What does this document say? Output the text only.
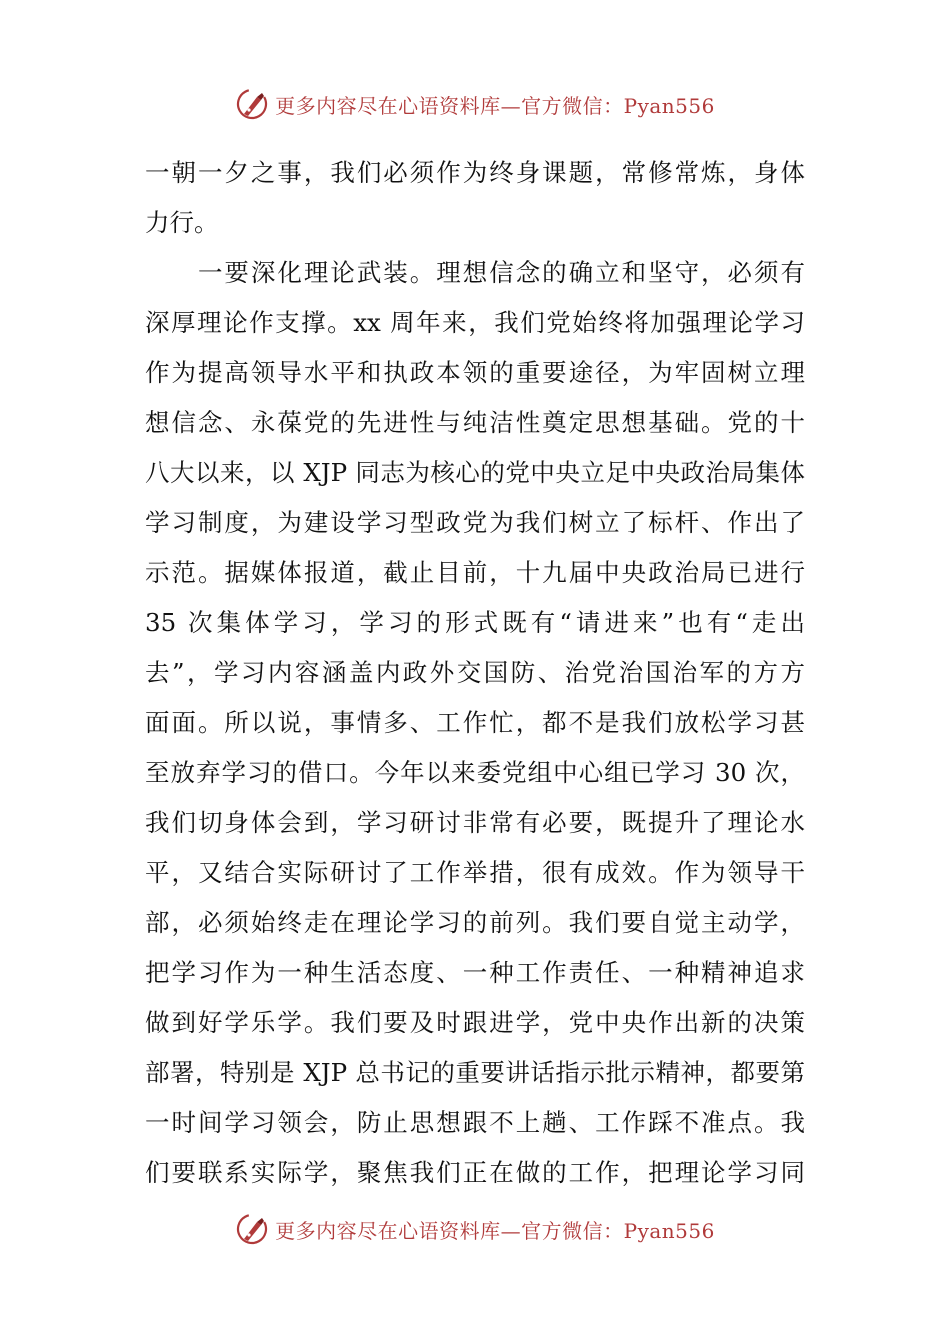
更多内容尽在心语资料库—官方微信：Pyan556
一朝一夕之事，我们必须作为终身课题，常修常炼，身体
力行。
　　一要深化理论武装。理想信念的确立和坚守，必须有
深厚理论作支撑。xx 周年来，我们党始终将加强理论学习
作为提高领导水平和执政本领的重要途径，为牢固树立理
想信念、永葆党的先进性与纯洁性奠定思想基础。党的十
八大以来，以 XJP 同志为核心的党中央立足中央政治局集体
学习制度，为建设学习型政党为我们树立了标杆、作出了
示范。据媒体报道，截止目前，十九届中央政治局已进行
35 次集体学习，学习的形式既有“请进来”也有“走出
去”，学习内容涵盖内政外交国防、治党治国治军的方方
面面。所以说，事情多、工作忙，都不是我们放松学习甚
至放弃学习的借口。今年以来委党组中心组已学习 30 次，
我们切身体会到，学习研讨非常有必要，既提升了理论水
平，又结合实际研讨了工作举措，很有成效。作为领导干
部，必须始终走在理论学习的前列。我们要自觉主动学，
把学习作为一种生活态度、一种工作责任、一种精神追求
做到好学乐学。我们要及时跟进学，党中央作出新的决策
部署，特别是 XJP 总书记的重要讲话指示批示精神，都要第
一时间学习领会，防止思想跟不上趟、工作踩不准点。我
们要联系实际学，聚焦我们正在做的工作，把理论学习同
更多内容尽在心语资料库—官方微信：Pyan556
